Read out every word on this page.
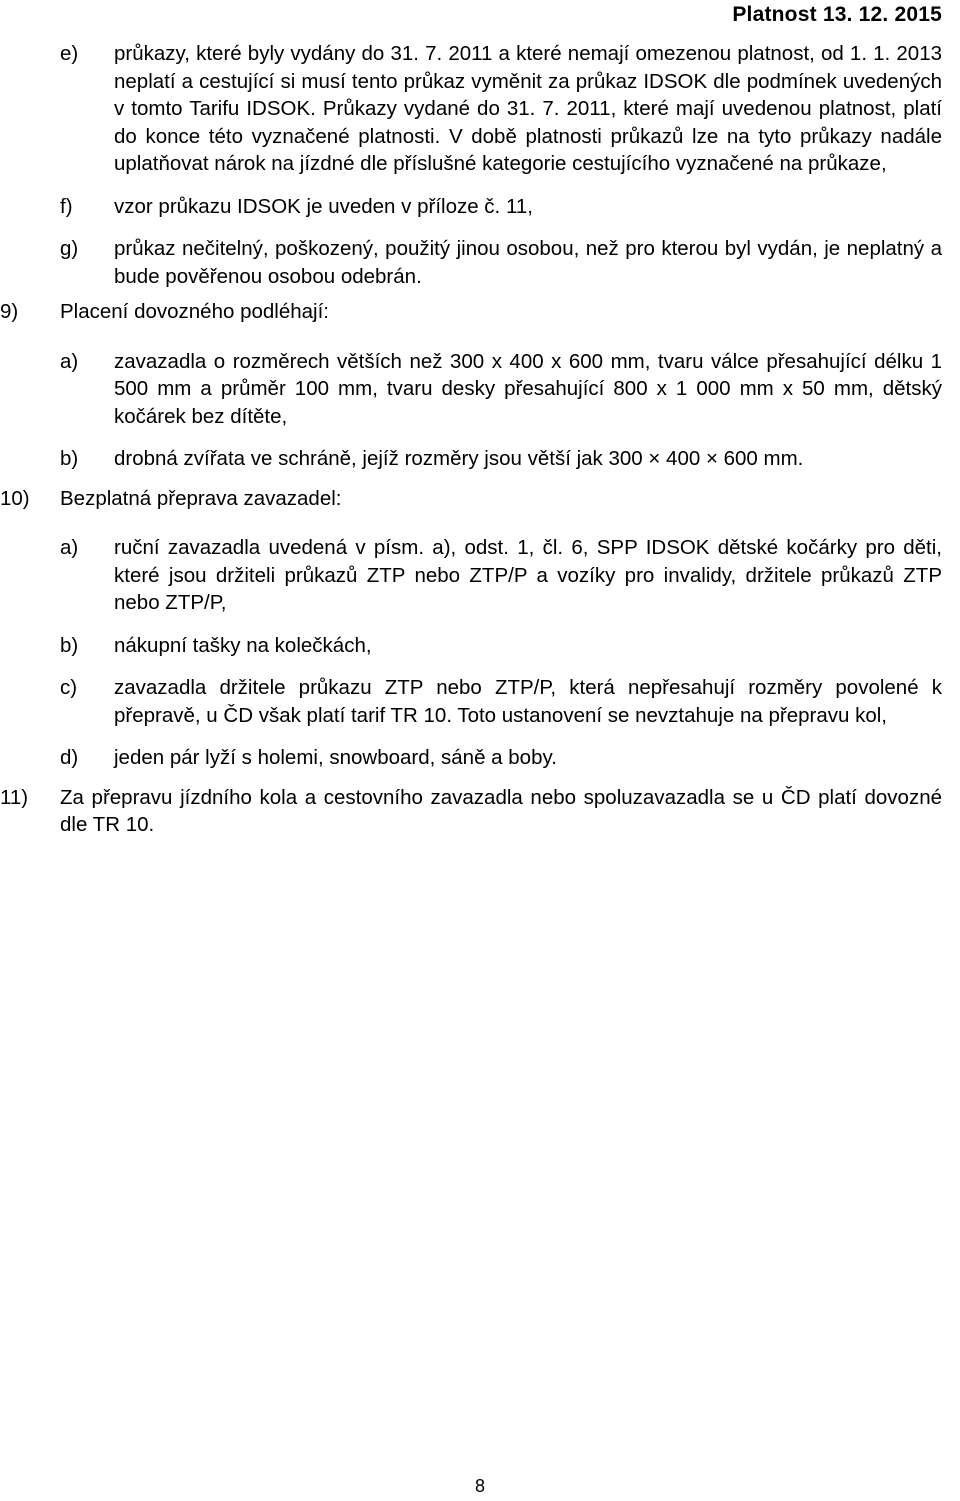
Platnost 13. 12. 2015
e) průkazy, které byly vydány do 31. 7. 2011 a které nemají omezenou platnost, od 1. 1. 2013 neplatí a cestující si musí tento průkaz vyměnit za průkaz IDSOK dle podmínek uvedených v tomto Tarifu IDSOK. Průkazy vydané do 31. 7. 2011, které mají uvedenou platnost, platí do konce této vyznačené platnosti. V době platnosti průkazů lze na tyto průkazy nadále uplatňovat nárok na jízdné dle příslušné kategorie cestujícího vyznačené na průkaze,
f) vzor průkazu IDSOK je uveden v příloze č. 11,
g) průkaz nečitelný, poškozený, použitý jinou osobou, než pro kterou byl vydán, je neplatný a bude pověřenou osobou odebrán.
9) Placení dovozného podléhají:
a) zavazadla o rozměrech větších než 300 x 400 x 600 mm, tvaru válce přesahující délku 1 500 mm a průměr 100 mm, tvaru desky přesahující 800 x 1 000 mm x 50 mm, dětský kočárek bez dítěte,
b) drobná zvířata ve schráně, jejíž rozměry jsou větší jak 300 × 400 × 600 mm.
10) Bezplatná přeprava zavazadel:
a) ruční zavazadla uvedená v písm. a), odst. 1, čl. 6, SPP IDSOK dětské kočárky pro děti, které jsou držiteli průkazů ZTP nebo ZTP/P a vozíky pro invalidy, držitele průkazů ZTP nebo ZTP/P,
b) nákupní tašky na kolečkách,
c) zavazadla držitele průkazu ZTP nebo ZTP/P, která nepřesahují rozměry povolené k přepravě, u ČD však platí tarif TR 10. Toto ustanovení se nevztahuje na přepravu kol,
d) jeden pár lyží s holemi, snowboard, sáně a boby.
11) Za přepravu jízdního kola a cestovního zavazadla nebo spoluzavazadla se u ČD platí dovozné dle TR 10.
8
